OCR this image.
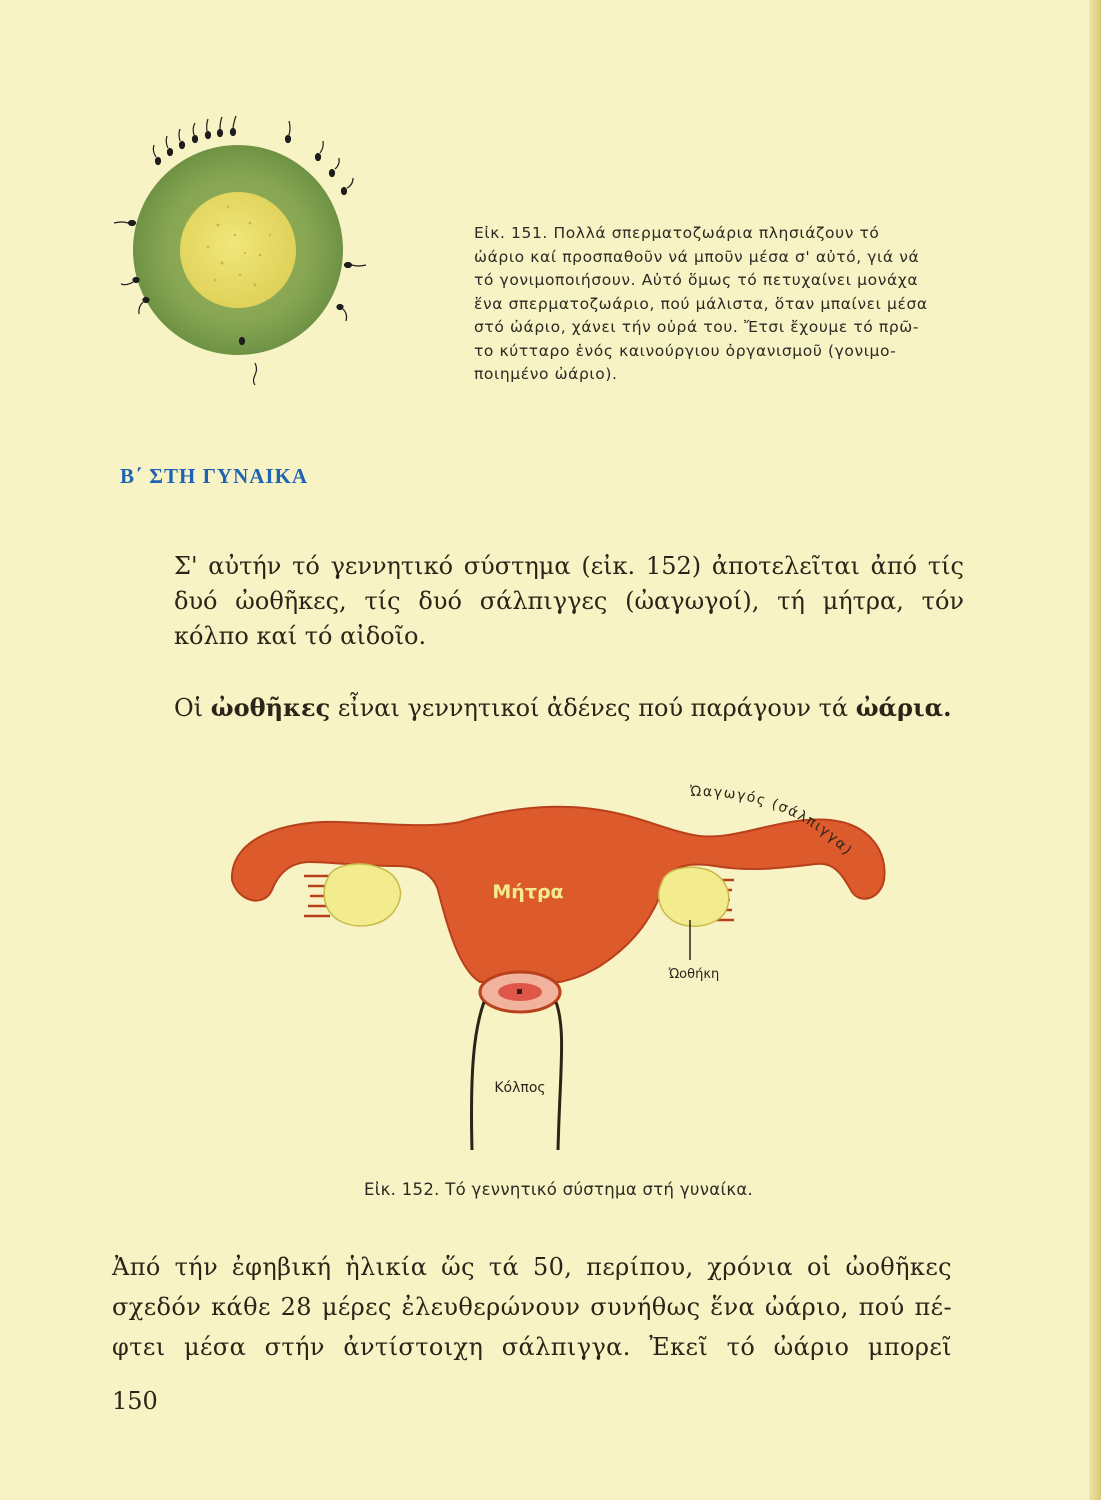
Εἰκ. 151. Πολλά σπερματοζωάρια πλησιάζουν τό
ὠάριο καί προσπαθοῦν νά μποῦν μέσα σ' αὐτό, γιά νά
τό γονιμοποιήσουν. Αὐτό ὅμως τό πετυχαίνει μονάχα
ἕνα σπερματοζωάριο, πού μάλιστα, ὅταν μπαίνει μέσα
στό ὠάριο, χάνει τήν οὐρά του. Ἔτσι ἔχουμε τό πρῶ-
το κύτταρο ἑνός καινούργιου ὀργανισμοῦ (γονιμο-
ποιημένο ὠάριο).
Β΄ ΣΤΗ ΓΥΝΑΙΚΑ
Σ' αὐτήν τό γεννητικό σύστημα (εἰκ. 152) ἀποτελεῖται ἀπό τίς δυό ὠοθῆκες, τίς δυό σάλπιγγες (ὠαγωγοί), τή μήτρα, τόν κόλπο καί τό αἰδοῖο.
Οἱ ὠοθῆκες εἶναι γεννητικοί ἀδένες πού παράγουν τά ὠάρια.
Μήτρα
Ὠοθήκη
Κόλπος
Ὠαγωγός (σάλπιγγα)
Εἰκ. 152. Τό γεννητικό σύστημα στή γυναίκα.
Ἀπό τήν ἐφηβική ἡλικία ὥς τά 50, περίπου, χρόνια οἱ ὠοθῆκες σχεδόν κάθε 28 μέρες ἐλευθερώνουν συνήθως ἕνα ὠάριο, πού πέ-φτει μέσα στήν ἀντίστοιχη σάλπιγγα. Ἐκεῖ τό ὠάριο μπορεῖ
150
